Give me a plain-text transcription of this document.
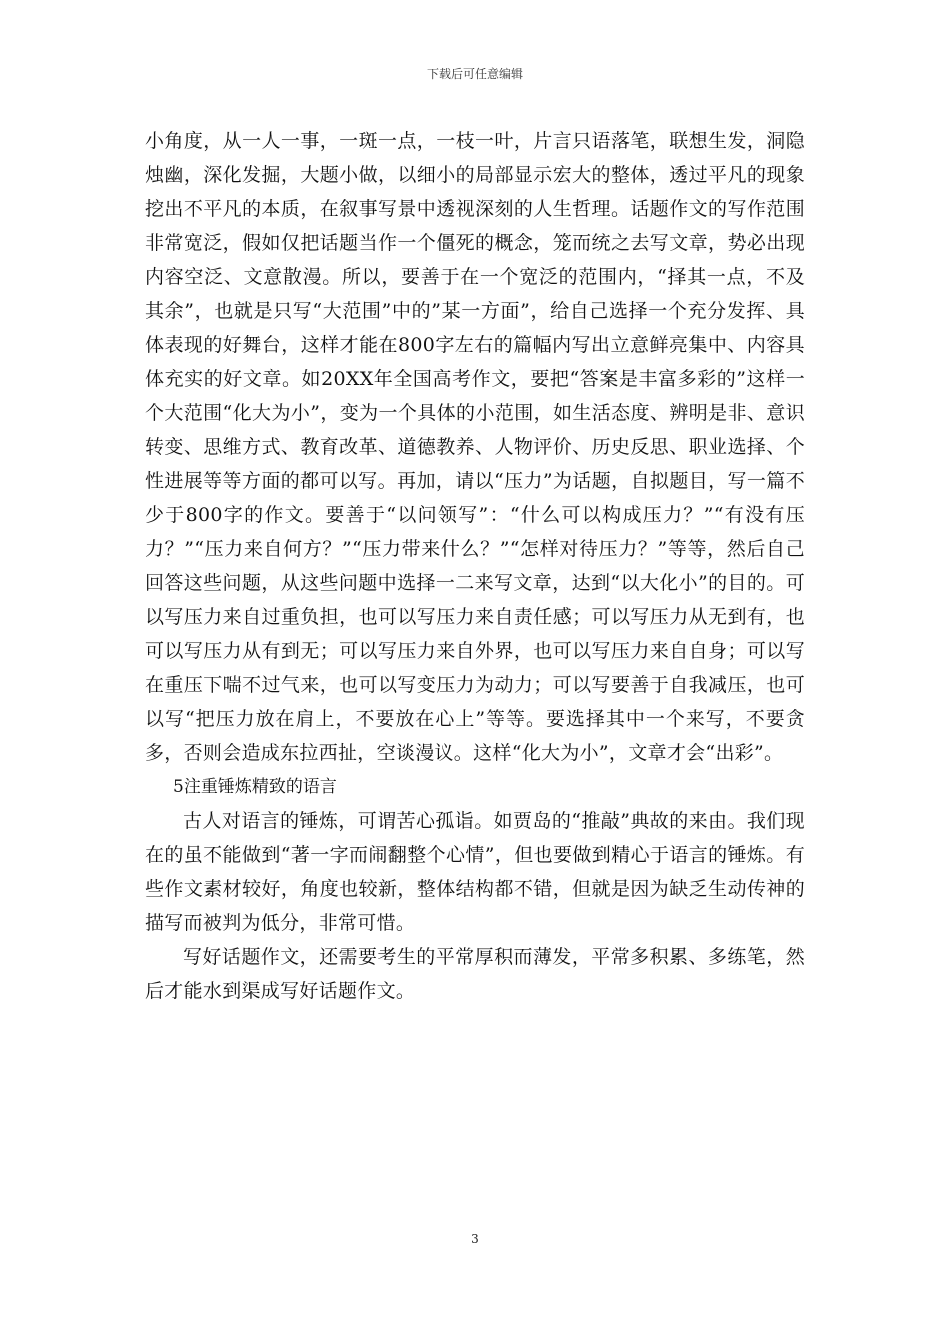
下载后可任意编辑

小角度，从一人一事，一斑一点，一枝一叶，片言只语落笔，联想生发，洞隐烛幽，深化发掘，大题小做，以细小的局部显示宏大的整体，透过平凡的现象挖出不平凡的本质，在叙事写景中透视深刻的人生哲理。话题作文的写作范围非常宽泛，假如仅把话题当作一个僵死的概念，笼而统之去写文章，势必出现内容空泛、文意散漫。所以，要善于在一个宽泛的范围内，“择其一点，不及其余”，也就是只写“大范围”中的”某一方面”，给自己选择一个充分发挥、具体表现的好舞台，这样才能在800字左右的篇幅内写出立意鲜亮集中、内容具体充实的好文章。如20XX年全国高考作文，要把“答案是丰富多彩的”这样一个大范围“化大为小”，变为一个具体的小范围，如生活态度、辨明是非、意识转变、思维方式、教育改革、道德教养、人物评价、历史反思、职业选择、个性进展等等方面的都可以写。再加，请以“压力”为话题，自拟题目，写一篇不少于800字的作文。要善于“以问领写”：“什么可以构成压力？”“有没有压力？”“压力来自何方？”“压力带来什么？”“怎样对待压力？”等等，然后自己回答这些问题，从这些问题中选择一二来写文章，达到“以大化小”的目的。可以写压力来自过重负担，也可以写压力来自责任感；可以写压力从无到有，也可以写压力从有到无；可以写压力来自外界，也可以写压力来自自身；可以写在重压下喘不过气来，也可以写变压力为动力；可以写要善于自我减压，也可以写“把压力放在肩上，不要放在心上”等等。要选择其中一个来写，不要贪多，否则会造成东拉西扯，空谈漫议。这样“化大为小”，文章才会“出彩”。

5注重锤炼精致的语言

古人对语言的锤炼，可谓苦心孤诣。如贾岛的“推敲”典故的来由。我们现在的虽不能做到“著一字而闹翻整个心情”，但也要做到精心于语言的锤炼。有些作文素材较好，角度也较新，整体结构都不错，但就是因为缺乏生动传神的描写而被判为低分，非常可惜。

写好话题作文，还需要考生的平常厚积而薄发，平常多积累、多练笔，然后才能水到渠成写好话题作文。

3
